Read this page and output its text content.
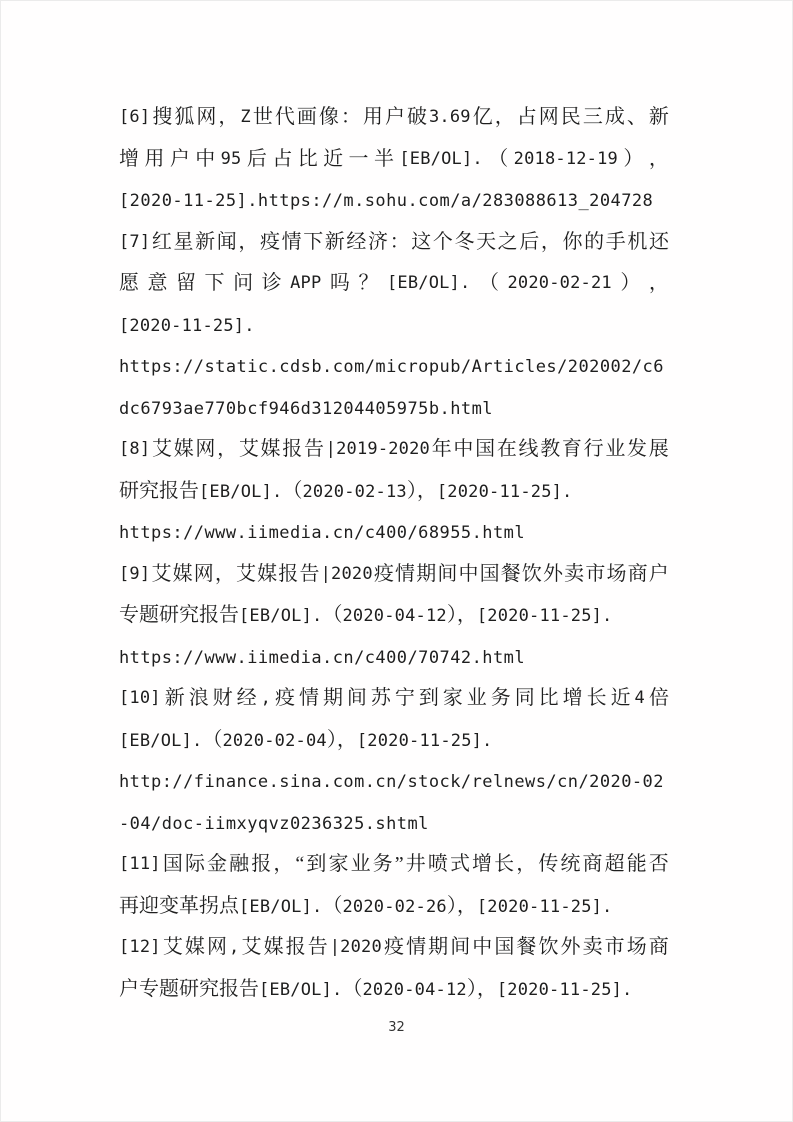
[6] 搜 狐 网 ， Z 世 代 画 像 ： 用 户 破 3.69 亿 ， 占 网 民 三 成 、 新
增 用 户 中 95 后 占 比 近 一 半 [EB/OL]. （ 2018-12-19 ） ，
[2020-11-25].https://m.sohu.com/a/283088613_204728
[7] 红 星 新 闻 ， 疫 情 下 新 经 济 ： 这 个 冬 天 之 后 ， 你 的 手 机 还
愿 意 留 下 问 诊 APP 吗 ？ [EB/OL]. （ 2020-02-21 ） ，
[2020-11-25].
https://static.cdsb.com/micropub/Articles/202002/c6
dc6793ae770bcf946d31204405975b.html
[8] 艾 媒 网 ， 艾 媒 报 告 |2019-2020 年 中 国 在 线 教 育 行 业 发 展
研究报告[EB/OL].（2020-02-13），[2020-11-25].
https://www.iimedia.cn/c400/68955.html
[9] 艾 媒 网 ， 艾 媒 报 告 |2020 疫 情 期 间 中 国 餐 饮 外 卖 市 场 商 户
专题研究报告[EB/OL].（2020-04-12），[2020-11-25].
https://www.iimedia.cn/c400/70742.html
[10] 新 浪 财 经 , 疫 情 期 间 苏 宁 到 家 业 务 同 比 增 长 近 4 倍
[EB/OL].（2020-02-04），[2020-11-25].
http://finance.sina.com.cn/stock/relnews/cn/2020-02
-04/doc-iimxyqvz0236325.shtml
[11] 国 际 金 融 报 ， “ 到 家 业 务 ” 井 喷 式 增 长 ， 传 统 商 超 能 否
再迎变革拐点[EB/OL].（2020-02-26），[2020-11-25].
[12] 艾 媒 网 , 艾 媒 报 告 |2020 疫 情 期 间 中 国 餐 饮 外 卖 市 场 商
户专题研究报告[EB/OL].（2020-04-12），[2020-11-25].
32
